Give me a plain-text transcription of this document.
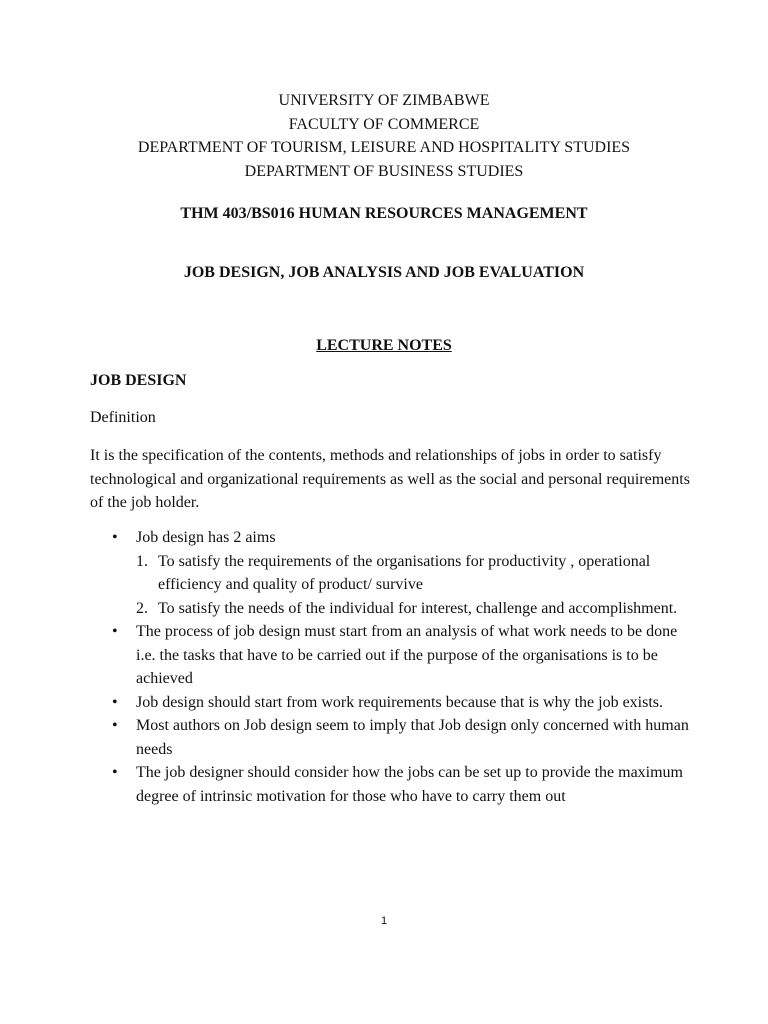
UNIVERSITY OF ZIMBABWE
FACULTY OF COMMERCE
DEPARTMENT OF TOURISM, LEISURE AND HOSPITALITY STUDIES
DEPARTMENT OF BUSINESS STUDIES
THM 403/BS016 HUMAN RESOURCES MANAGEMENT
JOB DESIGN, JOB ANALYSIS AND JOB EVALUATION
LECTURE NOTES
JOB DESIGN
Definition
It is the specification of the contents, methods and relationships of jobs in order to satisfy technological and organizational requirements as well as the social and personal requirements of the job holder.
• Job design has 2 aims
1. To satisfy the requirements of the organisations for productivity , operational efficiency and quality of product/ survive
2. To satisfy the needs of the individual for interest, challenge and accomplishment.
• The process of job design must start from an analysis of what work needs to be done i.e. the tasks that have to be carried out if the purpose of the organisations is to be achieved
• Job design should start from work requirements because that is why the job exists.
• Most authors on Job design seem to imply that Job design only concerned with human needs
• The job designer should consider how the jobs can be set up to provide the maximum degree of intrinsic motivation for those who have to carry them out
1
